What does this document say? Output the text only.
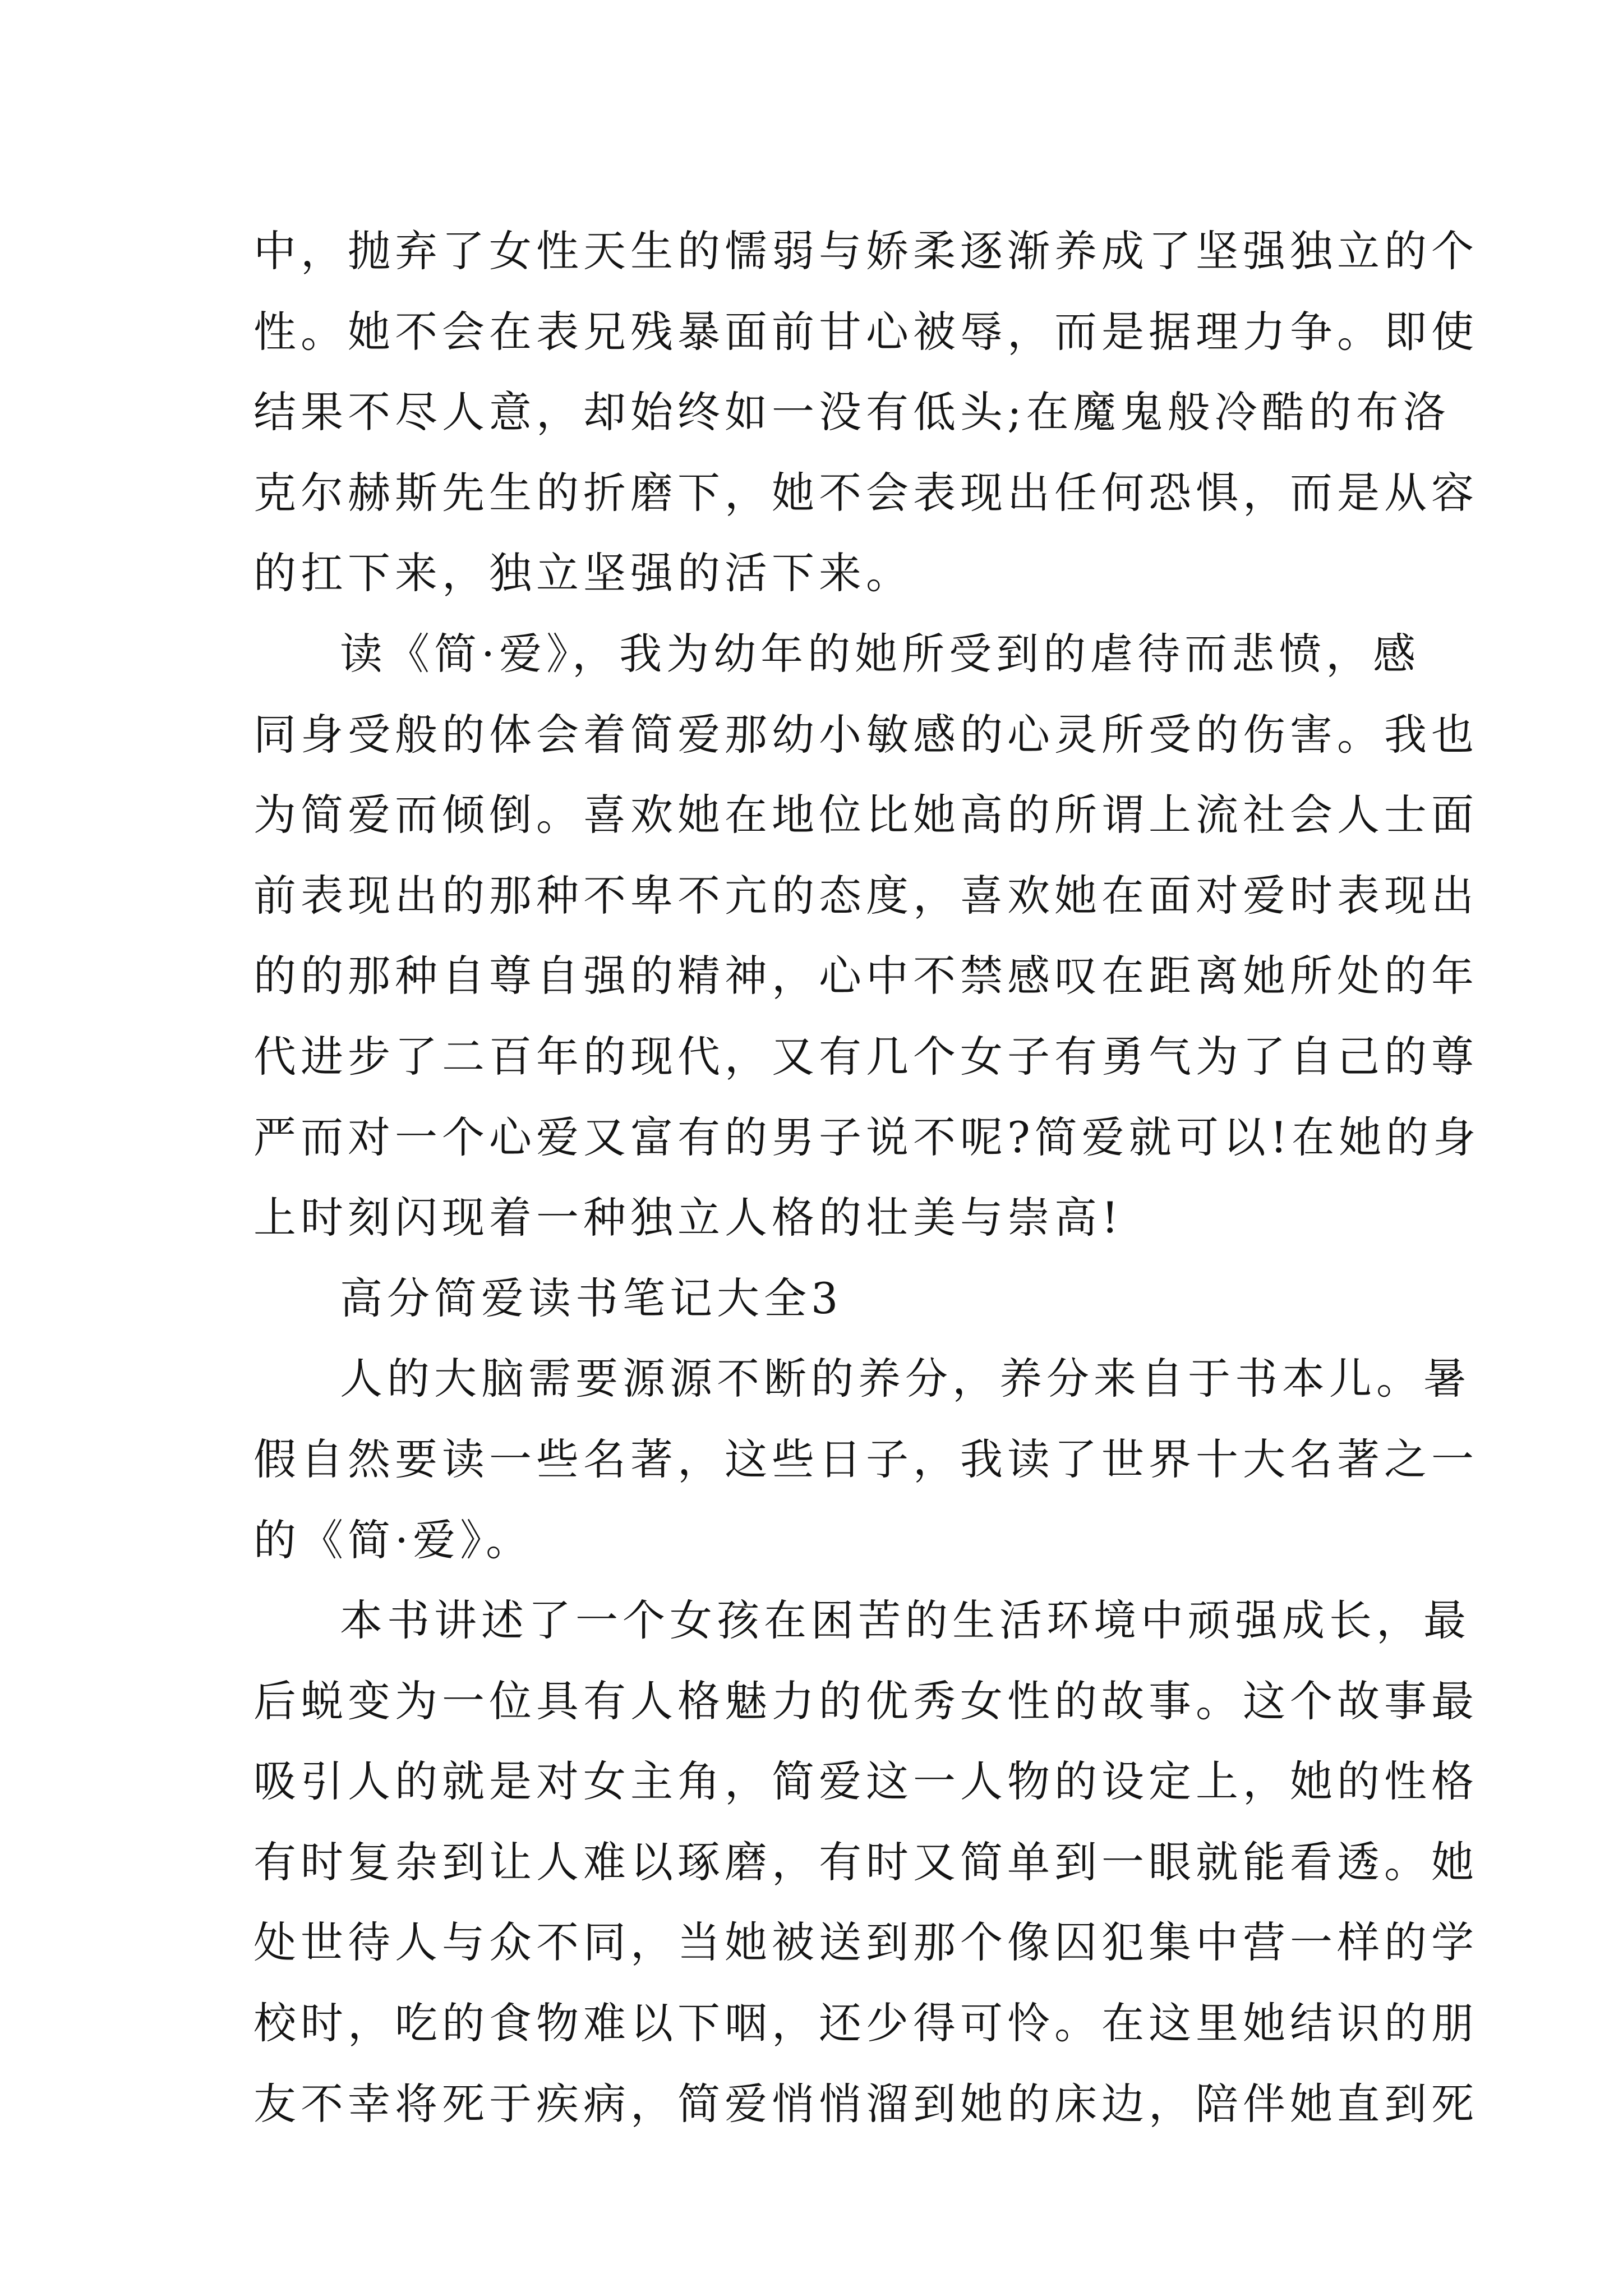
中，抛弃了女性天生的懦弱与娇柔逐渐养成了坚强独立的个
性。她不会在表兄残暴面前甘心被辱，而是据理力争。即使
结果不尽人意，却始终如一没有低头;在魔鬼般冷酷的布洛
克尔赫斯先生的折磨下，她不会表现出任何恐惧，而是从容
的扛下来，独立坚强的活下来。
读《简·爱》，我为幼年的她所受到的虐待而悲愤，感
同身受般的体会着简爱那幼小敏感的心灵所受的伤害。我也
为简爱而倾倒。喜欢她在地位比她高的所谓上流社会人士面
前表现出的那种不卑不亢的态度，喜欢她在面对爱时表现出
的的那种自尊自强的精神，心中不禁感叹在距离她所处的年
代进步了二百年的现代，又有几个女子有勇气为了自己的尊
严而对一个心爱又富有的男子说不呢?简爱就可以!在她的身
上时刻闪现着一种独立人格的壮美与崇高!
高分简爱读书笔记大全3
人的大脑需要源源不断的养分，养分来自于书本儿。暑
假自然要读一些名著，这些日子，我读了世界十大名著之一
的《简·爱》。
本书讲述了一个女孩在困苦的生活环境中顽强成长，最
后蜕变为一位具有人格魅力的优秀女性的故事。这个故事最
吸引人的就是对女主角，简爱这一人物的设定上，她的性格
有时复杂到让人难以琢磨，有时又简单到一眼就能看透。她
处世待人与众不同，当她被送到那个像囚犯集中营一样的学
校时，吃的食物难以下咽，还少得可怜。在这里她结识的朋
友不幸将死于疾病，简爱悄悄溜到她的床边，陪伴她直到死
